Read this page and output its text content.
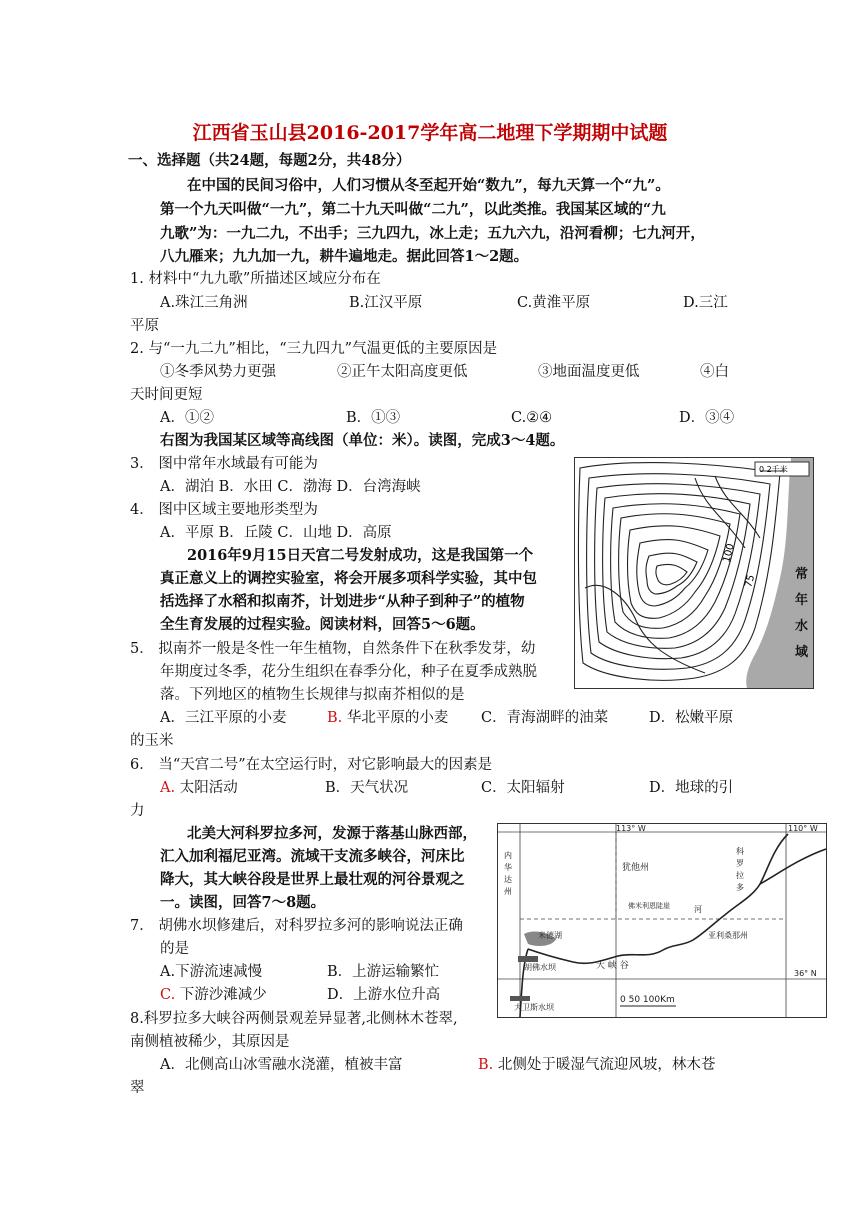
江西省玉山县2016-2017学年高二地理下学期期中试题
一、选择题（共24题，每题2分，共48分）
在中国的民间习俗中，人们习惯从冬至起开始“数九”，每九天算一个“九”。
第一个九天叫做“一九”，第二十九天叫做“二九”，以此类推。我国某区域的“九
九歌”为：一九二九，不出手；三九四九，冰上走；五九六九，沿河看柳；七九河开，
八九雁来；九九加一九，耕牛遍地走。据此回答1～2题。
1. 材料中“九九歌”所描述区域应分布在
A.珠江三角洲	B.江汉平原	C.黄淮平原	D.三江
平原
2. 与“一九二九”相比，“三九四九”气温更低的主要原因是
①冬季风势力更强	②正午太阳高度更低	③地面温度更低	④白
天时间更短
A．①②	B．①③	C.②④	D．③④
右图为我国某区域等高线图（单位：米）。读图，完成3～4题。
3． 图中常年水域最有可能为
A．湖泊 B．水田 C．渤海 D．台湾海峡
4． 图中区域主要地形类型为
A．平原 B．丘陵 C．山地 D．高原
0 2千米
100
75	常年水域
2016年9月15日天宫二号发射成功，这是我国第一个
真正意义上的调控实验室，将会开展多项科学实验，其中包
括选择了水稻和拟南芥，计划进步“从种子到种子”的植物
全生育发展的过程实验。阅读材料，回答5～6题。
5． 拟南芥一般是冬性一年生植物，自然条件下在秋季发芽，幼
年期度过冬季，花分生组织在春季分化，种子在夏季成熟脱
落。下列地区的植物生长规律与拟南芥相似的是
A．三江平原的小麦	B. 华北平原的小麦 C．青海湖畔的油菜	D．松嫩平原
的玉米
6． 当“天宫二号”在太空运行时，对它影响最大的因素是
A. 太阳活动	B．天气状况	C．太阳辐射	D．地球的引
力
北美大河科罗拉多河，发源于落基山脉西部，
汇入加利福尼亚湾。流域干支流多峡谷，河床比
降大，其大峡谷段是世界上最壮观的河谷景观之
一。读图，回答7～8题。
7． 胡佛水坝修建后，对科罗拉多河的影响说法正确
的是
A.下游流速减慢	B．上游运输繁忙
C. 下游沙滩减少	D．上游水位升高
113° W	110° W
36° N
0 50 100Km
犹他州
亚利桑那州
佛米利恩陡崖
米德湖
胡佛水坝
大卫斯水坝
大 峡 谷
河
内华达州
科罗拉多
8.科罗拉多大峡谷两侧景观差异显著,北侧林木苍翠,
南侧植被稀少，其原因是
A．北侧高山冰雪融水浇灌，植被丰富	B. 北侧处于暖湿气流迎风坡，林木苍
翠
